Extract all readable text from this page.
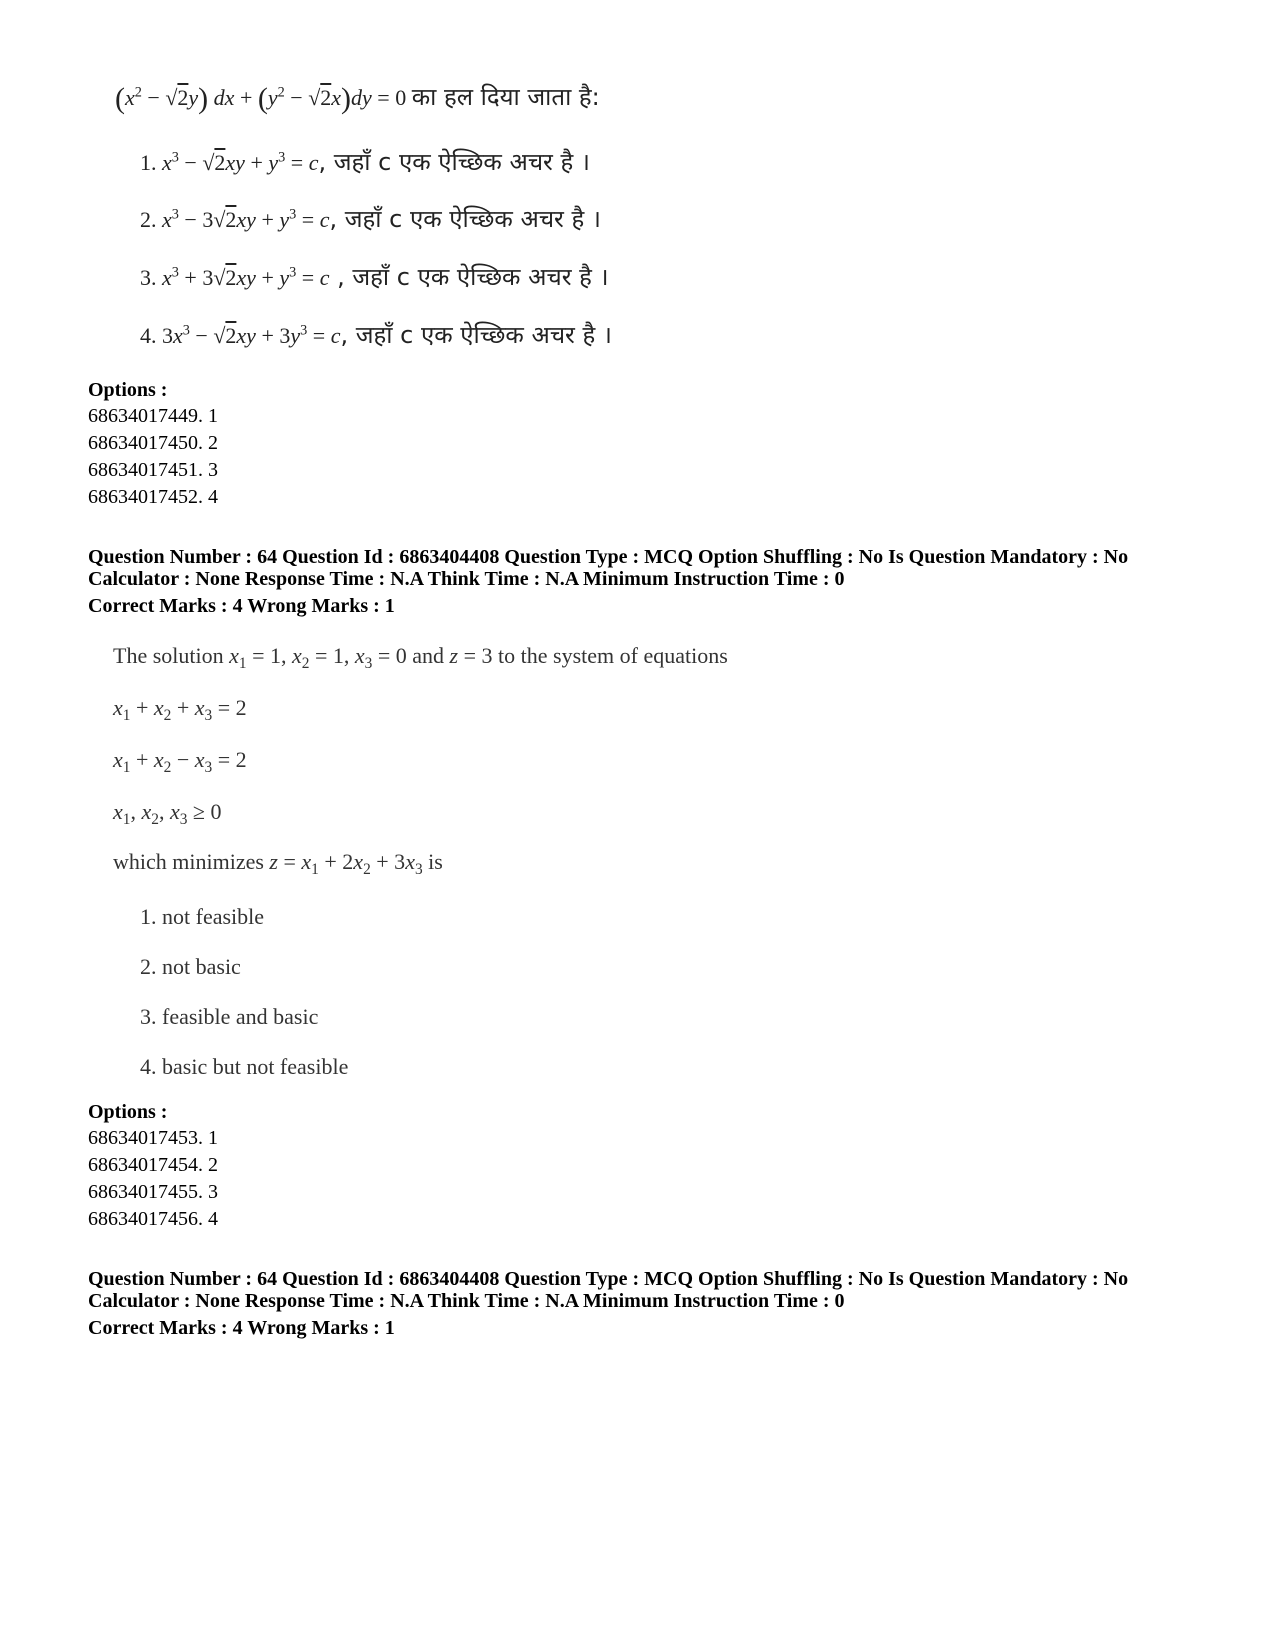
$(x^2 - √2y)$ dx + $(y^2 - √2x)dy = 0$ का हल दिया जाता है:
1. $x^3 - √2xy + y^3 = c$, जहाँ c एक ऐच्छिक अचर है ।
2. $x^3 - 3√2xy + y^3 = c$, जहाँ c एक ऐच्छिक अचर है ।
3. $x^3 + 3√2xy + y^3 = c$ , जहाँ c एक ऐच्छिक अचर है ।
4. $3x^3 - √2xy + 3y^3 = c$, जहाँ c एक ऐच्छिक अचर है ।
Options :
68634017449. 1
68634017450. 2
68634017451. 3
68634017452. 4
Question Number : 64 Question Id : 6863404408 Question Type : MCQ Option Shuffling : No Is Question Mandatory : No
Calculator : None Response Time : N.A Think Time : N.A Minimum Instruction Time : 0
Correct Marks : 4 Wrong Marks : 1
The solution $x_1 = 1$, $x_2 = 1$, $x_3 = 0$ and z = 3 to the system of equations
$x_1 + x_2 + x_3 = 2$
$x_1 + x_2 - x_3 = 2$
$x_1$, $x_2$, $x_3 \ge 0$
which minimizes $z = x_1 + 2x_2 + 3x_3$ is
1. not feasible
2. not basic
3. feasible and basic
4. basic but not feasible
Options :
68634017453. 1
68634017454. 2
68634017455. 3
68634017456. 4
Question Number : 64 Question Id : 6863404408 Question Type : MCQ Option Shuffling : No Is Question Mandatory : No
Calculator : None Response Time : N.A Think Time : N.A Minimum Instruction Time : 0
Correct Marks : 4 Wrong Marks : 1
